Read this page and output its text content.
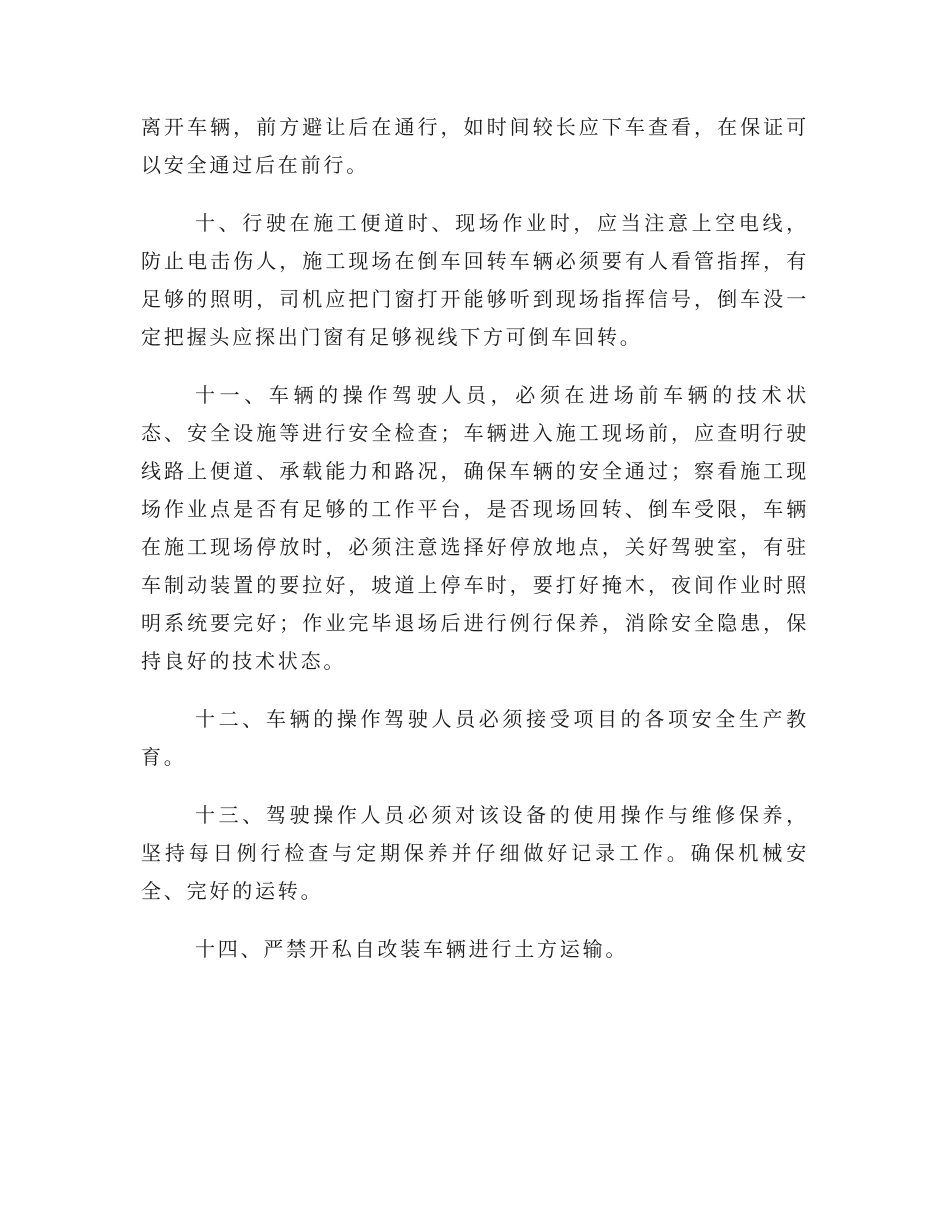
离开车辆，前方避让后在通行，如时间较长应下车查看，在保证可以安全通过后在前行。

十、行驶在施工便道时、现场作业时，应当注意上空电线，防止电击伤人，施工现场在倒车回转车辆必须要有人看管指挥，有足够的照明，司机应把门窗打开能够听到现场指挥信号，倒车没一定把握头应探出门窗有足够视线下方可倒车回转。

十一、车辆的操作驾驶人员，必须在进场前车辆的技术状态、安全设施等进行安全检查；车辆进入施工现场前，应查明行驶线路上便道、承载能力和路况，确保车辆的安全通过；察看施工现场作业点是否有足够的工作平台，是否现场回转、倒车受限，车辆在施工现场停放时，必须注意选择好停放地点，关好驾驶室，有驻车制动装置的要拉好，坡道上停车时，要打好掩木，夜间作业时照明系统要完好；作业完毕退场后进行例行保养，消除安全隐患，保持良好的技术状态。

十二、车辆的操作驾驶人员必须接受项目的各项安全生产教育。

十三、驾驶操作人员必须对该设备的使用操作与维修保养，坚持每日例行检查与定期保养并仔细做好记录工作。确保机械安全、完好的运转。

十四、严禁开私自改装车辆进行土方运输。
